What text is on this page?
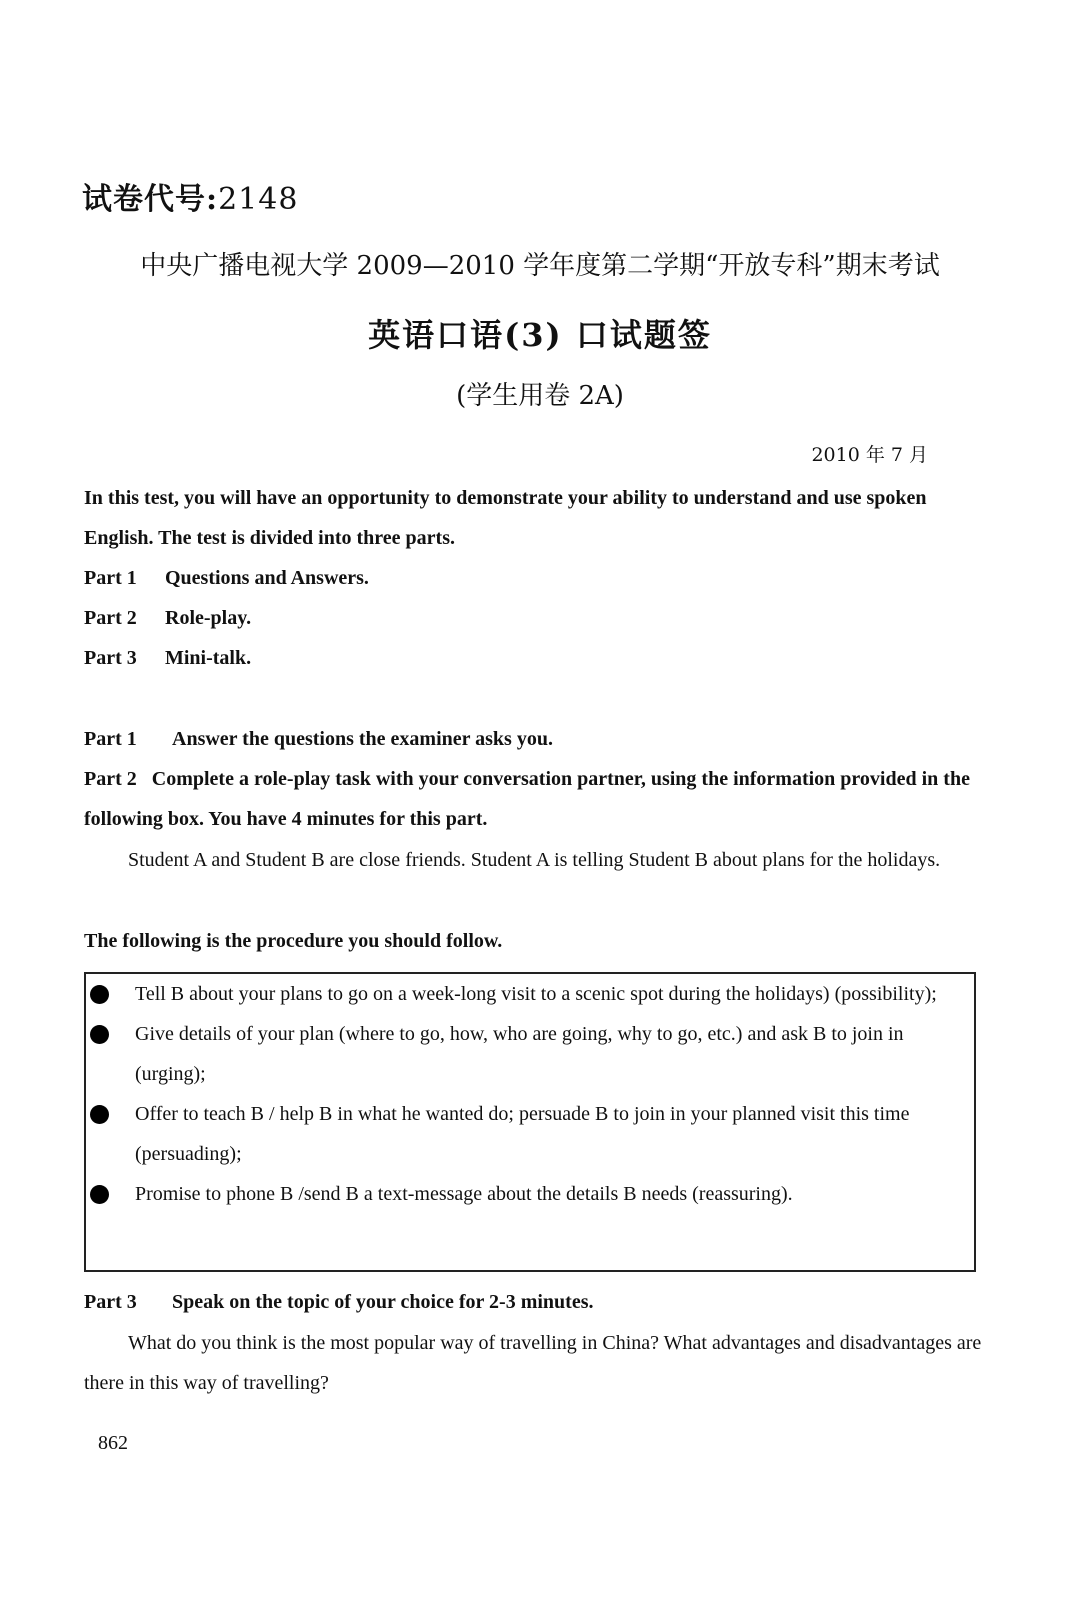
试卷代号:2148
中央广播电视大学 2009—2010 学年度第二学期“开放专科”期末考试
英语口语(3) 口试题签
(学生用卷 2A)
2010 年 7 月
In this test, you will have an opportunity to demonstrate your ability to understand and use spoken English. The test is divided into three parts.
Part 1	Questions and Answers.
Part 2	Role-play.
Part 3	Mini-talk.
Part 1	Answer the questions the examiner asks you.
Part 2 Complete a role-play task with your conversation partner, using the information provided in the following box. You have 4 minutes for this part.
Student A and Student B are close friends. Student A is telling Student B about plans for the holidays.
The following is the procedure you should follow.
Tell B about your plans to go on a week-long visit to a scenic spot during the holidays) (possibility);
Give details of your plan (where to go, how, who are going, why to go, etc.) and ask B to join in (urging);
Offer to teach B / help B in what he wanted do; persuade B to join in your planned visit this time (persuading);
Promise to phone B /send B a text-message about the details B needs (reassuring).
Part 3	Speak on the topic of your choice for 2-3 minutes.
What do you think is the most popular way of travelling in China? What advantages and disadvantages are there in this way of travelling?
862
